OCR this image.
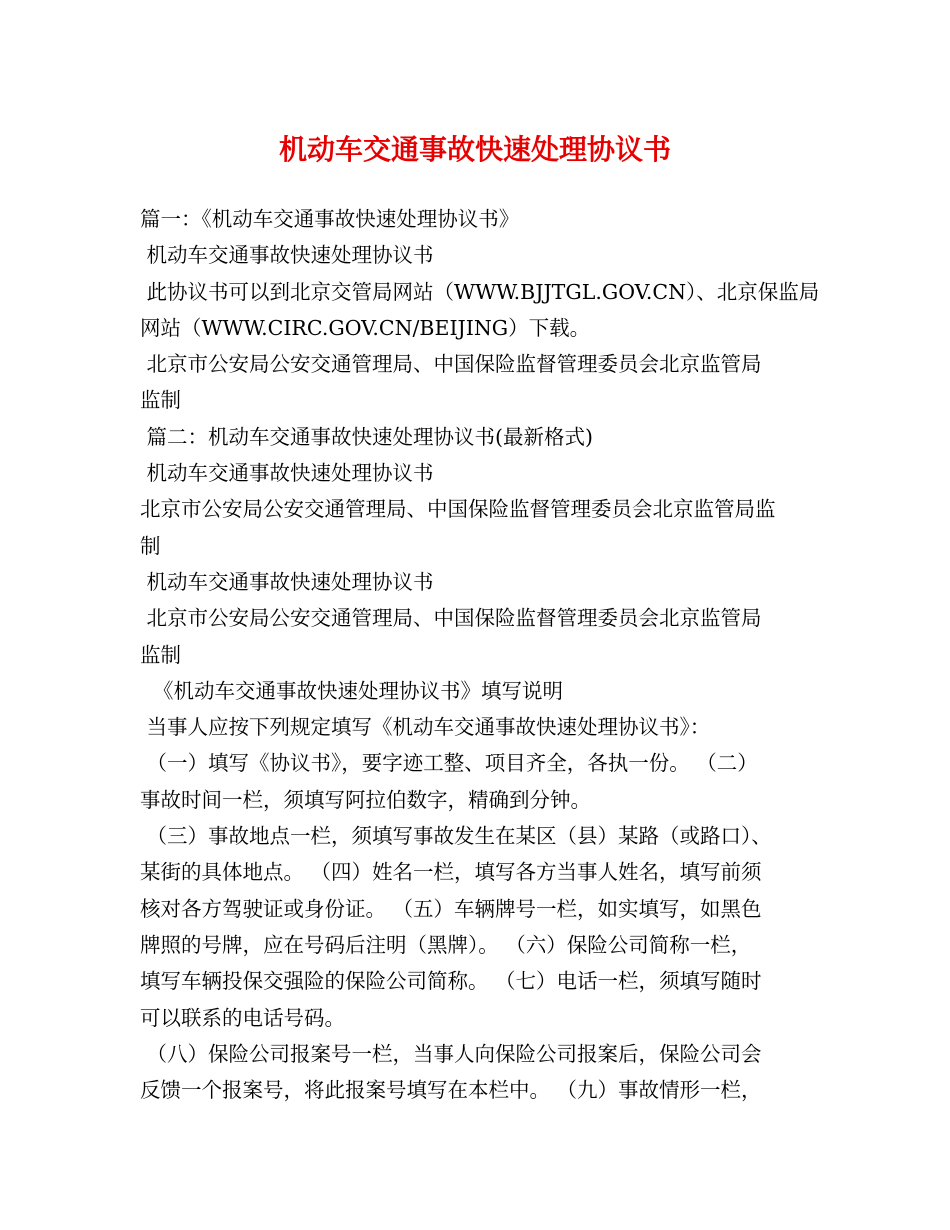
机动车交通事故快速处理协议书

篇一：《机动车交通事故快速处理协议书》

机动车交通事故快速处理协议书

此协议书可以到北京交管局网站（WWW.BJJTGL.GOV.CN）、北京保监局

网站（WWW.CIRC.GOV.CN/BEIJING）下载。

北京市公安局公安交通管理局、中国保险监督管理委员会北京监管局

监制

篇二：机动车交通事故快速处理协议书(最新格式)

机动车交通事故快速处理协议书

北京市公安局公安交通管理局、中国保险监督管理委员会北京监管局监

制

机动车交通事故快速处理协议书

北京市公安局公安交通管理局、中国保险监督管理委员会北京监管局

监制

《机动车交通事故快速处理协议书》填写说明

当事人应按下列规定填写《机动车交通事故快速处理协议书》：

（一）填写《协议书》，要字迹工整、项目齐全，各执一份。 （二）

事故时间一栏，须填写阿拉伯数字，精确到分钟。

（三）事故地点一栏，须填写事故发生在某区（县）某路（或路口）、

某街的具体地点。 （四）姓名一栏，填写各方当事人姓名，填写前须

核对各方驾驶证或身份证。 （五）车辆牌号一栏，如实填写，如黑色

牌照的号牌，应在号码后注明（黑牌）。 （六）保险公司简称一栏，

填写车辆投保交强险的保险公司简称。 （七）电话一栏，须填写随时

可以联系的电话号码。

（八）保险公司报案号一栏，当事人向保险公司报案后，保险公司会

反馈一个报案号，将此报案号填写在本栏中。 （九）事故情形一栏，
